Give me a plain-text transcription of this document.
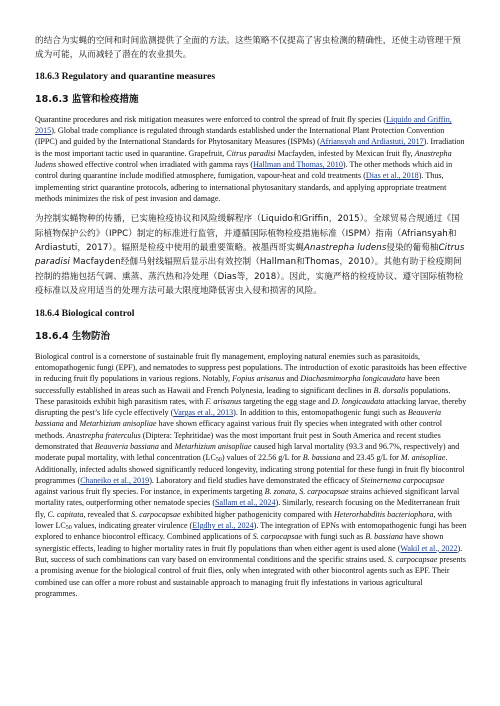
的结合为实蝇的空间和时间监测提供了全面的方法。这些策略不仅提高了害虫检测的精确性，还使主动管理干预成为可能，从而减轻了潜在的农业损失。

18.6.3 Regulatory and quarantine measures
18.6.3 监管和检疫措施

Quarantine procedures and risk mitigation measures were enforced to control the spread of fruit fly species (Liquido and Griffin, 2015). Global trade compliance is regulated through standards established under the International Plant Protection Convention (IPPC) and guided by the International Standards for Phytosanitary Measures (ISPMs) (Afriansyah and Ardiastuti, 2017). Irradiation is the most important tactic used in quarantine. Grapefruit, Citrus paradisi Macfayden, infested by Mexican fruit fly, Anastrepha ludens showed effective control when irradiated with gamma rays (Hallman and Thomas, 2010). The other methods which aid in control during quarantine include modified atmosphere, fumigation, vapour-heat and cold treatments (Dias et al., 2018). Thus, implementing strict quarantine protocols, adhering to international phytosanitary standards, and applying appropriate treatment methods minimizes the risk of pest invasion and damage.

为控制实蝇物种的传播，已实施检疫协议和风险缓解程序（Liquido和Griffin，2015）。全球贸易合规通过《国际植物保护公约》（IPPC）制定的标准进行监管，并遵循国际植物检疫措施标准（ISPM）指南（Afriansyah和Ardiastuti，2017）。辐照是检疫中使用的最重要策略。被墨西哥实蝇Anastrepha ludens侵染的葡萄柚Citrus paradisi Macfayden经伽马射线辐照后显示出有效控制（Hallman和Thomas，2010）。其他有助于检疫期间控制的措施包括气调、熏蒸、蒸汽热和冷处理（Dias等，2018）。因此，实施严格的检疫协议、遵守国际植物检疫标准以及应用适当的处理方法可最大限度地降低害虫入侵和损害的风险。

18.6.4 Biological control
18.6.4 生物防治

Biological control is a cornerstone of sustainable fruit fly management, employing natural enemies such as parasitoids, entomopathogenic fungi (EPF), and nematodes to suppress pest populations. The introduction of exotic parasitoids has been effective in reducing fruit fly populations in various regions. Notably, Fopius arisanus and Diachasmimorpha longicaudata have been successfully established in areas such as Hawaii and French Polynesia, leading to significant declines in B. dorsalis populations. These parasitoids exhibit high parasitism rates, with F. arisanus targeting the egg stage and D. longicaudata attacking larvae, thereby disrupting the pest’s life cycle effectively (Vargas et al., 2013). In addition to this, entomopathogenic fungi such as Beauveria bassiana and Metarhizium anisopliae have shown efficacy against various fruit fly species when integrated with other control methods. Anastrepha fraterculus (Diptera: Tephritidae) was the most important fruit pest in South America and recent studies demonstrated that Beauveria bassiana and Metarhizium anisopliae caused high larval mortality (93.3 and 96.7%, respectively) and moderate pupal mortality, with lethal concentration $(LC_{50})$ values of 22.56 g/L for B. bassiana and 23.45 g/L for M. anisopliae. Additionally, infected adults showed significantly reduced longevity, indicating strong potential for these fungi in fruit fly biocontrol programmes (Chaneiko et al., 2019). Laboratory and field studies have demonstrated the efficacy of Steinernema carpocapsae against various fruit fly species. For instance, in experiments targeting B. zonata, S. carpocapsae strains achieved significant larval mortality rates, outperforming other nematode species (Sallam et al., 2024). Similarly, research focusing on the Mediterranean fruit fly, C. capitata, revealed that S. carpocapsae exhibited higher pathogenicity compared with Heterorhabditis bacteriophora, with lower $LC_{50}$ values, indicating greater virulence (Elgdhy et al., 2024). The integration of EPNs with entomopathogenic fungi has been explored to enhance biocontrol efficacy. Combined applications of S. carpocapsae with fungi such as B. bassiana have shown synergistic effects, leading to higher mortality rates in fruit fly populations than when either agent is used alone (Wakil et al., 2022). But, success of such combinations can vary based on environmental conditions and the specific strains used. S. carpocapsae presents a promising avenue for the biological control of fruit flies, only when integrated with other biocontrol agents such as EPF. Their combined use can offer a more robust and sustainable approach to managing fruit fly infestations in various agricultural programmes.
